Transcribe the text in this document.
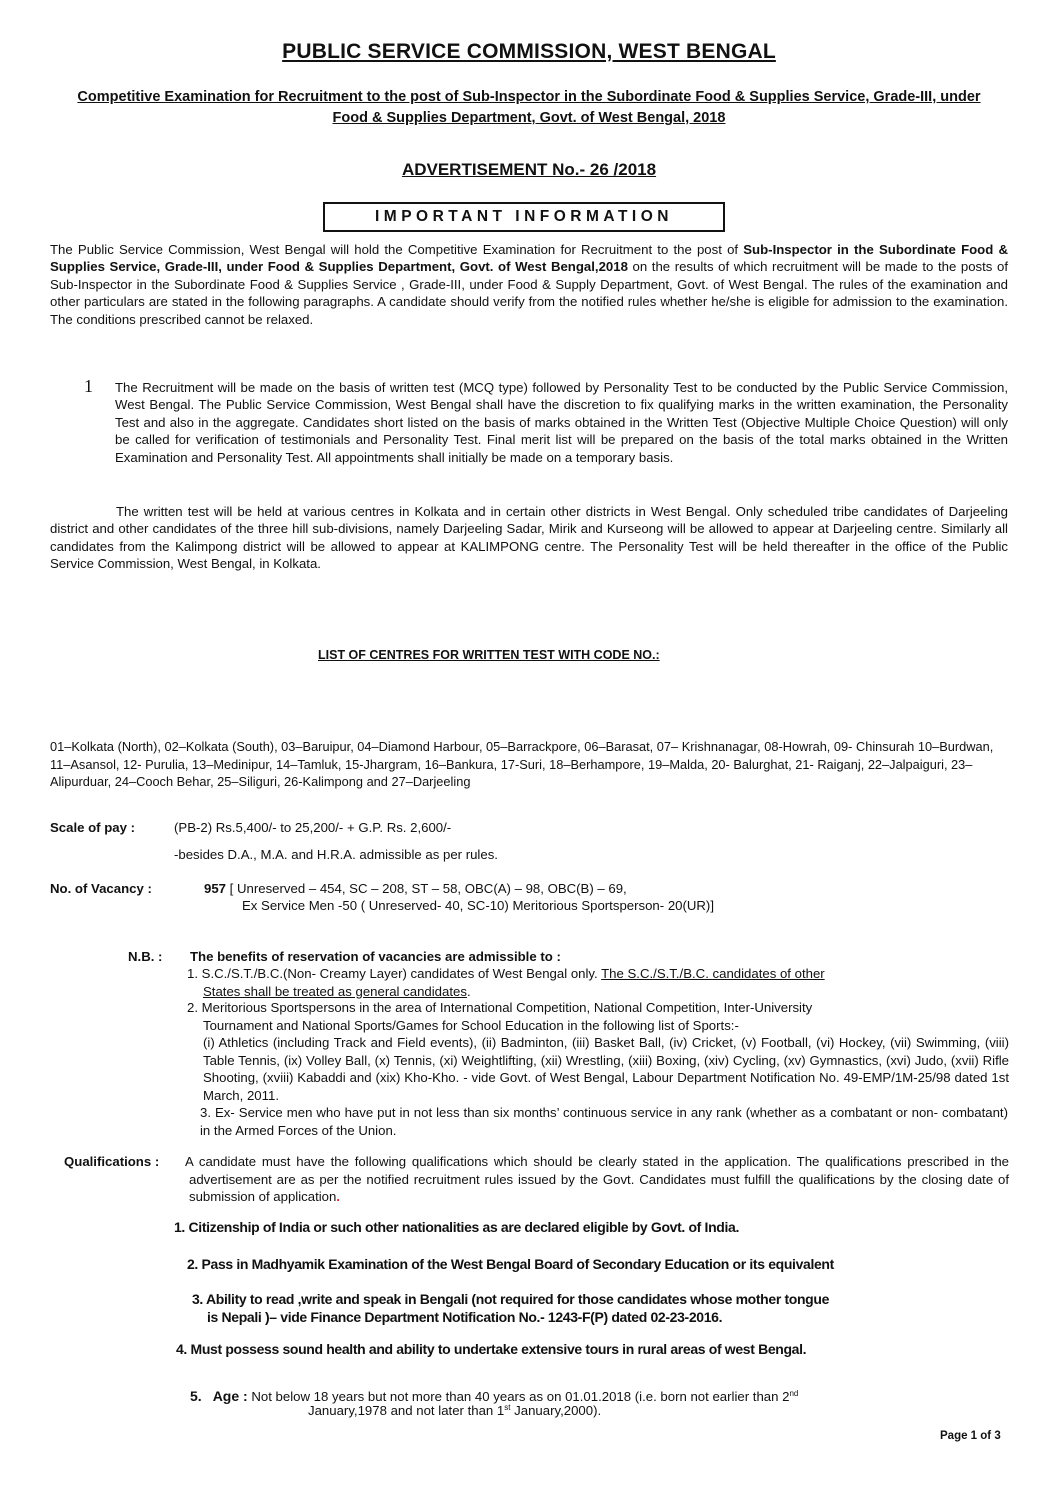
PUBLIC SERVICE COMMISSION, WEST BENGAL
Competitive Examination for Recruitment to the post of Sub-Inspector in the Subordinate Food & Supplies Service, Grade-III, under Food & Supplies Department, Govt. of West Bengal, 2018
ADVERTISEMENT No.- 26 /2018
IMPORTANT INFORMATION
The Public Service Commission, West Bengal will hold the Competitive Examination for Recruitment to the post of Sub-Inspector in the Subordinate Food & Supplies Service, Grade-III, under Food & Supplies Department, Govt. of West Bengal,2018 on the results of which recruitment will be made to the posts of Sub-Inspector in the Subordinate Food & Supplies Service , Grade-III, under Food & Supply Department, Govt. of West Bengal. The rules of the examination and other particulars are stated in the following paragraphs. A candidate should verify from the notified rules whether he/she is eligible for admission to the examination. The conditions prescribed cannot be relaxed.
1 The Recruitment will be made on the basis of written test (MCQ type) followed by Personality Test to be conducted by the Public Service Commission, West Bengal. The Public Service Commission, West Bengal shall have the discretion to fix qualifying marks in the written examination, the Personality Test and also in the aggregate. Candidates short listed on the basis of marks obtained in the Written Test (Objective Multiple Choice Question) will only be called for verification of testimonials and Personality Test. Final merit list will be prepared on the basis of the total marks obtained in the Written Examination and Personality Test. All appointments shall initially be made on a temporary basis.
The written test will be held at various centres in Kolkata and in certain other districts in West Bengal. Only scheduled tribe candidates of Darjeeling district and other candidates of the three hill sub-divisions, namely Darjeeling Sadar, Mirik and Kurseong will be allowed to appear at Darjeeling centre. Similarly all candidates from the Kalimpong district will be allowed to appear at KALIMPONG centre. The Personality Test will be held thereafter in the office of the Public Service Commission, West Bengal, in Kolkata.
LIST OF CENTRES FOR WRITTEN TEST WITH CODE NO.:
01–Kolkata (North), 02–Kolkata (South), 03–Baruipur, 04–Diamond Harbour, 05–Barrackpore, 06–Barasat, 07– Krishnanagar, 08-Howrah, 09- Chinsurah 10–Burdwan, 11–Asansol, 12- Purulia, 13–Medinipur, 14–Tamluk, 15-Jhargram, 16–Bankura, 17-Suri, 18–Berhampore, 19–Malda, 20- Balurghat, 21- Raiganj, 22–Jalpaiguri, 23–Alipurduar, 24–Cooch Behar, 25–Siliguri, 26-Kalimpong and 27–Darjeeling
Scale of pay :	(PB-2) Rs.5,400/- to 25,200/- + G.P. Rs. 2,600/-
-besides D.A., M.A. and H.R.A. admissible as per rules.
No. of Vacancy :	957 [ Unreserved – 454, SC – 208, ST – 58, OBC(A) – 98, OBC(B) – 69,
Ex Service Men -50 ( Unreserved- 40, SC-10) Meritorious Sportsperson- 20(UR)]
N.B. : The benefits of reservation of vacancies are admissible to :
1. S.C./S.T./B.C.(Non- Creamy Layer) candidates of West Bengal only. The S.C./S.T./B.C. candidates of other
States shall be treated as general candidates.
2. Meritorious Sportspersons in the area of International Competition, National Competition, Inter-University
Tournament and National Sports/Games for School Education in the following list of Sports:-
(i) Athletics (including Track and Field events), (ii) Badminton, (iii) Basket Ball, (iv) Cricket, (v) Football, (vi) Hockey, (vii) Swimming, (viii) Table Tennis, (ix) Volley Ball, (x) Tennis, (xi) Weightlifting, (xii) Wrestling, (xiii) Boxing, (xiv) Cycling, (xv) Gymnastics, (xvi) Judo, (xvii) Rifle Shooting, (xviii) Kabaddi and (xix) Kho-Kho. - vide Govt. of West Bengal, Labour Department Notification No. 49-EMP/1M-25/98 dated 1st March, 2011.
3. Ex- Service men who have put in not less than six months’ continuous service in any rank (whether as a combatant or non- combatant) in the Armed Forces of the Union.
Qualifications : A candidate must have the following qualifications which should be clearly stated in the application. The qualifications prescribed in the advertisement are as per the notified recruitment rules issued by the Govt. Candidates must fulfill the qualifications by the closing date of submission of application.
1. Citizenship of India or such other nationalities as are declared eligible by Govt. of India.
2. Pass in Madhyamik Examination of the West Bengal Board of Secondary Education or its equivalent
3. Ability to read ,write and speak in Bengali (not required for those candidates whose mother tongue
is Nepali )– vide Finance Department Notification No.- 1243-F(P) dated 02-23-2016.
4. Must possess sound health and ability to undertake extensive tours in rural areas of west Bengal.
5. Age : Not below 18 years but not more than 40 years as on 01.01.2018 (i.e. born not earlier than 2nd
January,1978 and not later than 1st January,2000).
Page 1 of 3
